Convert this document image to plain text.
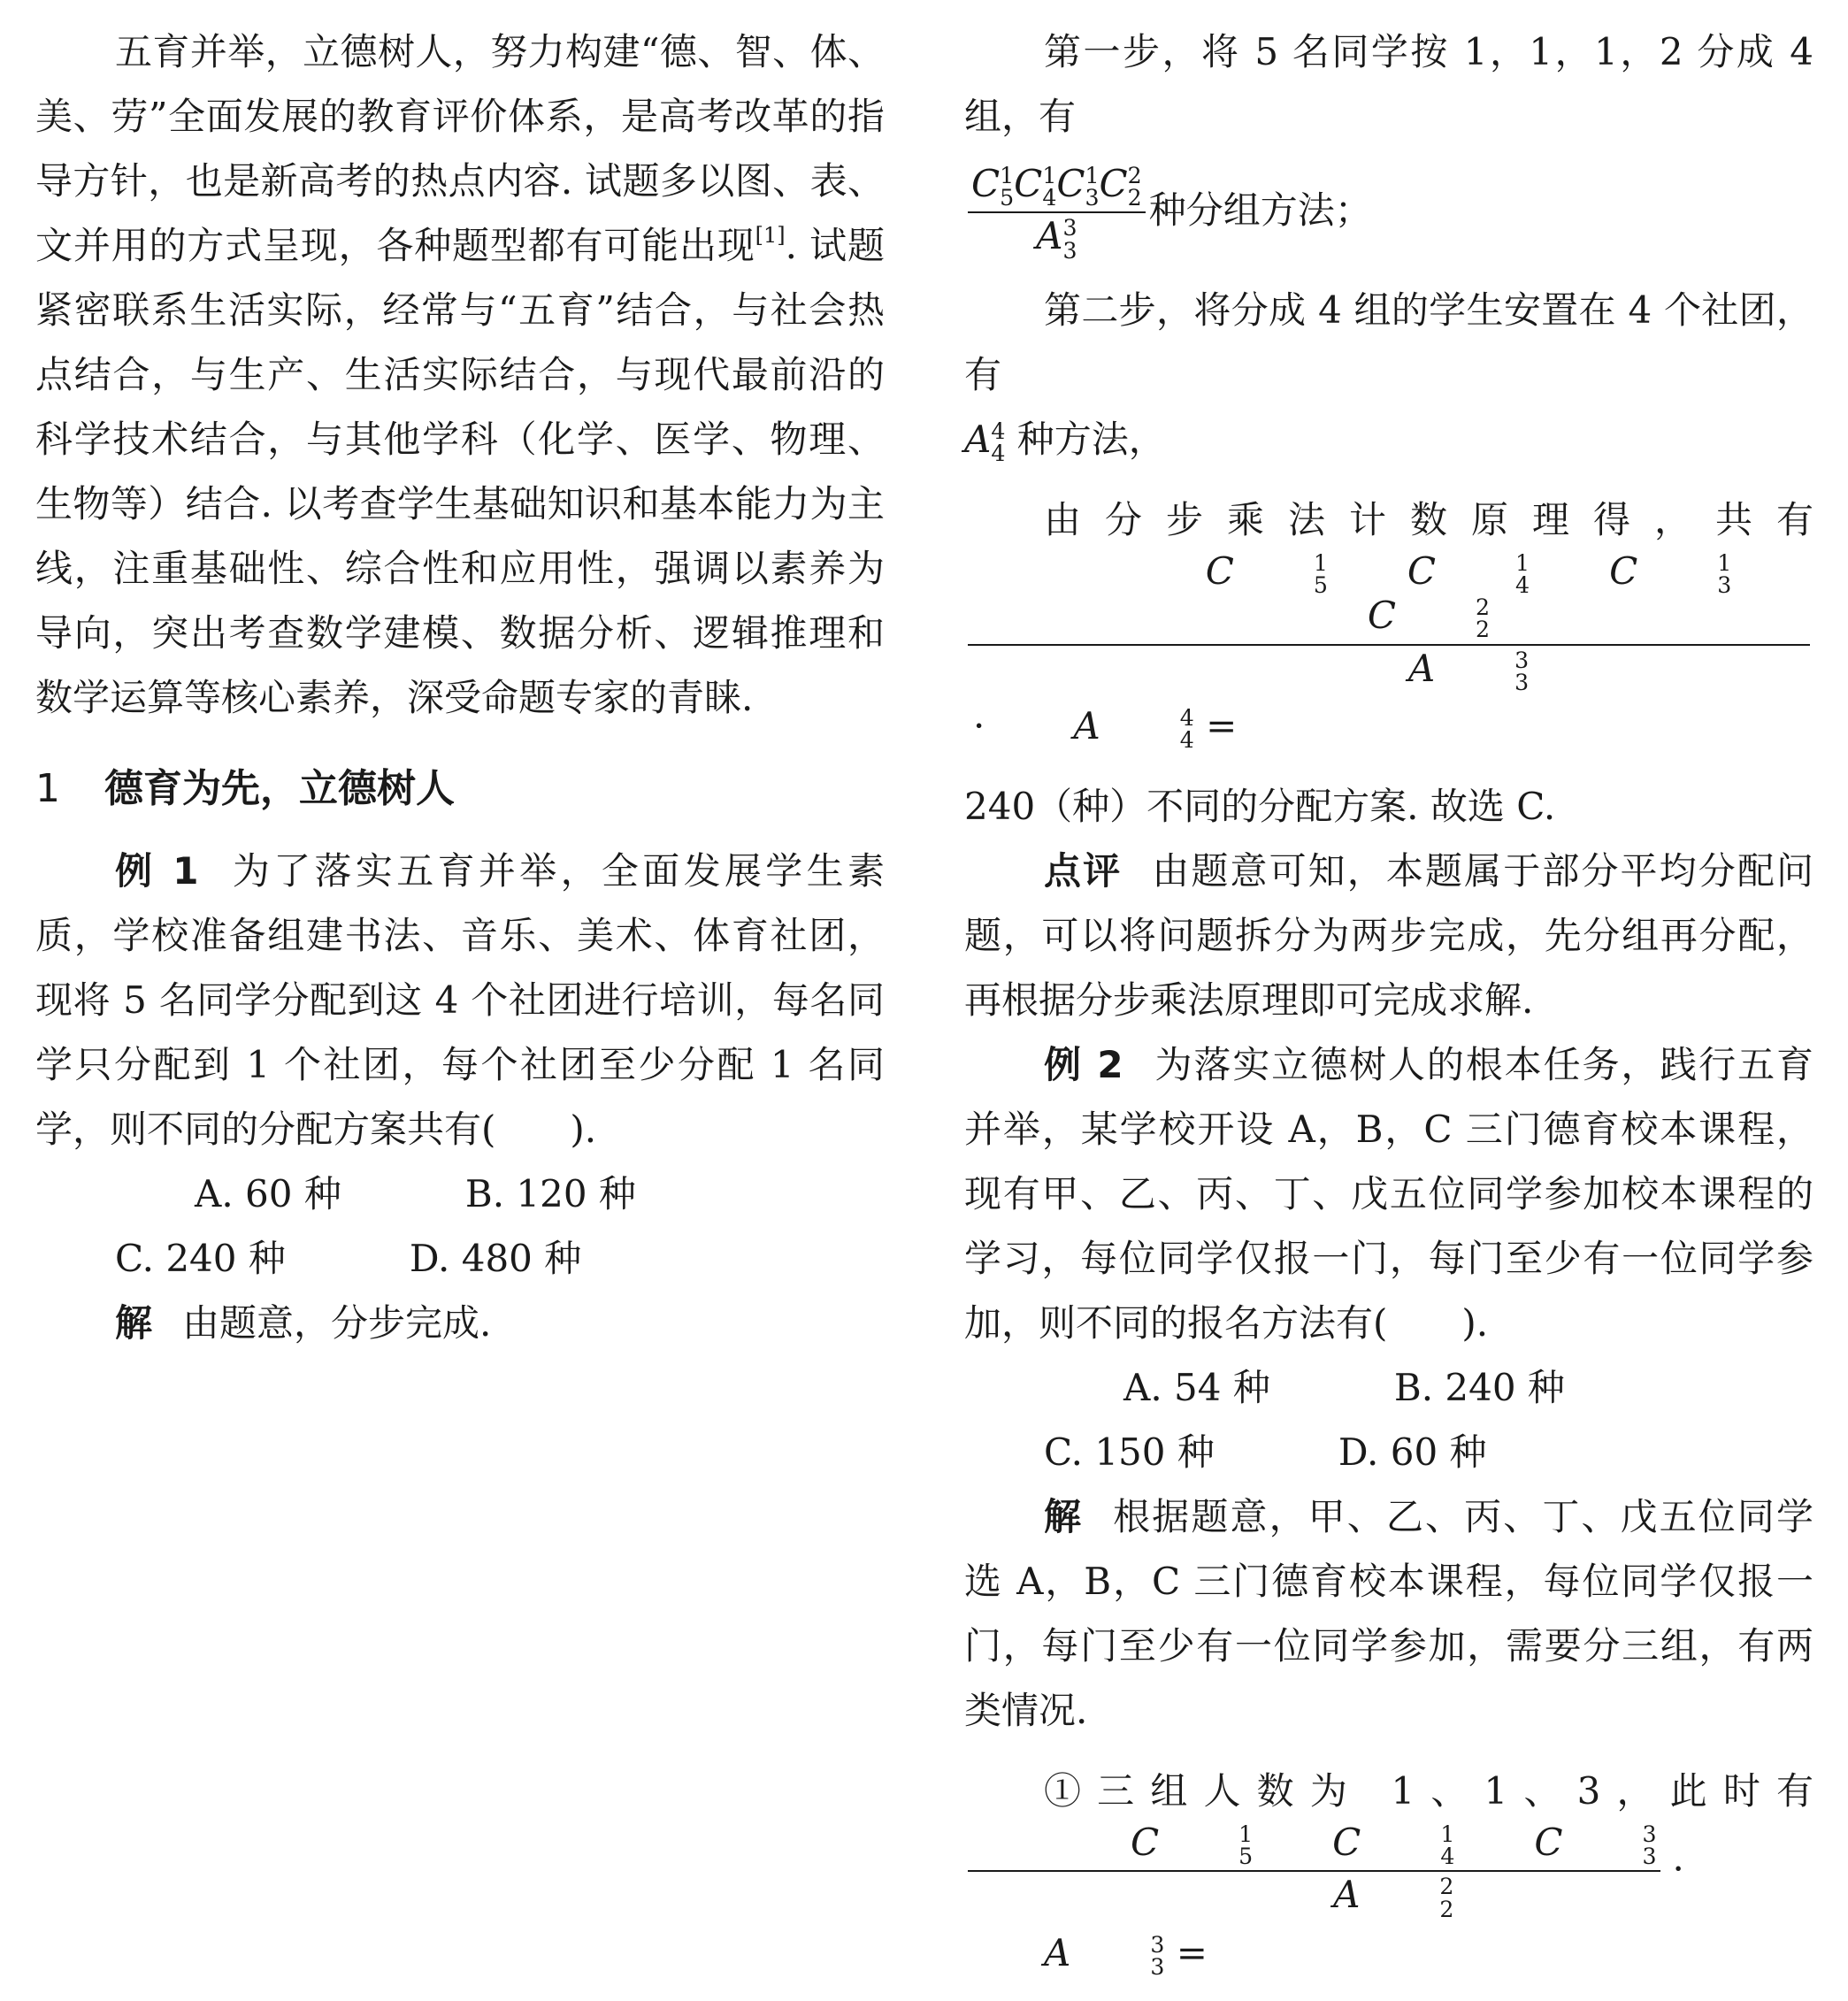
五育并举，立德树人，努力构建“德、智、体、美、劳”全面发展的教育评价体系，是高考改革的指导方针，也是新高考的热点内容. 试题多以图、表、文并用的方式呈现，各种题型都有可能出现[1]. 试题紧密联系生活实际，经常与“五育”结合，与社会热点结合，与生产、生活实际结合，与现代最前沿的科学技术结合，与其他学科（化学、医学、物理、生物等）结合. 以考查学生基础知识和基本能力为主线，注重基础性、综合性和应用性，强调以素养为导向，突出考查数学建模、数据分析、逻辑推理和数学运算等核心素养，深受命题专家的青睐.

1 德育为先，立德树人

例 1 为了落实五育并举，全面发展学生素质，学校准备组建书法、音乐、美术、体育社团，现将 5 名同学分配到这 4 个社团进行培训，每名同学只分配到 1 个社团，每个社团至少分配 1 名同学，则不同的分配方案共有(　　).

A. 60 种	B. 120 种C. 240 种	D. 480 种

解 由题意，分步完成.

第一步，将 5 名同学按 1，1，1，2 分成 4 组，有

C 1
5 C 1
4 C 1
3 C 2
2
A 3
3 种分组方法；

第二步，将分成 4 组的学生安置在 4 个社团，有

A 4
4 种方法，

由分步乘法计数原理得，共有
C	1
5 C	1
4 C	1
3
C	2
2
A	3
3
· A	4
4 =

240（种）不同的分配方案. 故选 C.

点评 由题意可知，本题属于部分平均分配问题，可以将问题拆分为两步完成，先分组再分配，再根据分步乘法原理即可完成求解.

例 2 为落实立德树人的根本任务，践行五育并举，某学校开设 A，B，C 三门德育校本课程，现有甲、乙、丙、丁、戊五位同学参加校本课程的学习，每位同学仅报一门，每门至少有一位同学参加，则不同的报名方法有(　　).

A. 54 种	B. 240 种C. 150 种	D. 60 种

解 根据题意，甲、乙、丙、丁、戊五位同学选 A，B，C 三门德育校本课程，每位同学仅报一门，每门至少有一位同学参加，需要分三组，有两类情况.

①三组人数为 1、1、3，此时有
C	1
5 C	1
4 C	3
3
A	2
2 ·A	3
3 =
